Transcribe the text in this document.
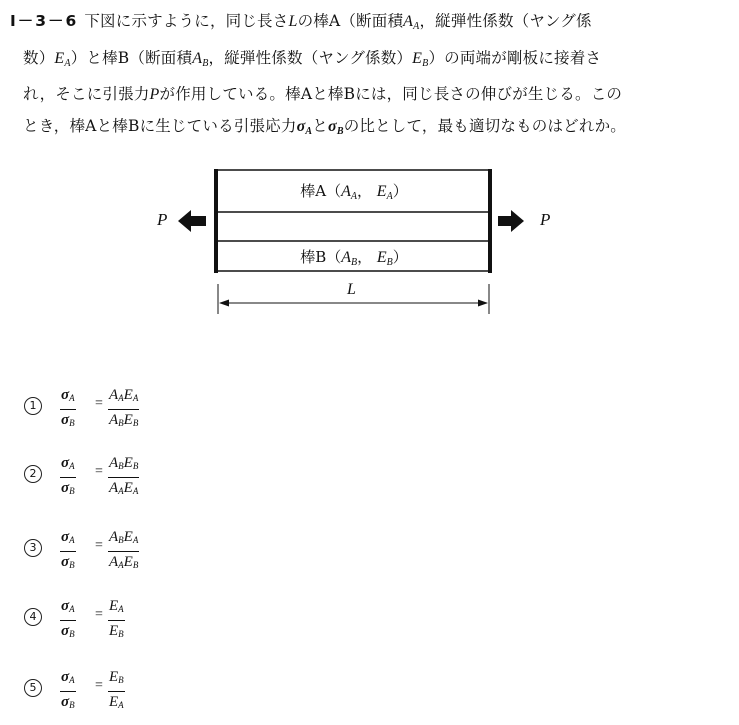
I－3－6 下図に示すように，同じ長さLの棒A（断面積$A_A$，縦弾性係数（ヤング係
数）$E_A$）と棒B（断面積$A_B$，縦弾性係数（ヤング係数）$E_B$）の両端が剛板に接着さ
れ，そこに引張力Pが作用している。棒Aと棒Bには，同じ長さの伸びが生じる。この
とき，棒Aと棒Bに生じている引張応力$\sigma_A$と$\sigma_B$の比として，最も適切なものはどれか。
棒$A(A_A$， $E_A$）
棒$B(A_B$， $E_B$）
P	P
L
1	$\frac{\sigma_A}{\sigma_B}$ =
$A_AE_A$
$A_BE_B$
2	$\frac{\sigma_A}{\sigma_B}$ =
$A_BE_B$
$A_AE_A$
3	$\frac{\sigma_A}{\sigma_B}$ =
$A_BE_A$
$A_AE_B$
4	$\frac{\sigma_A}{\sigma_B} = \frac{E_A}{E_B}$
5	$\frac{\sigma_A}{\sigma_B} = \frac{E_B}{E_A}$
